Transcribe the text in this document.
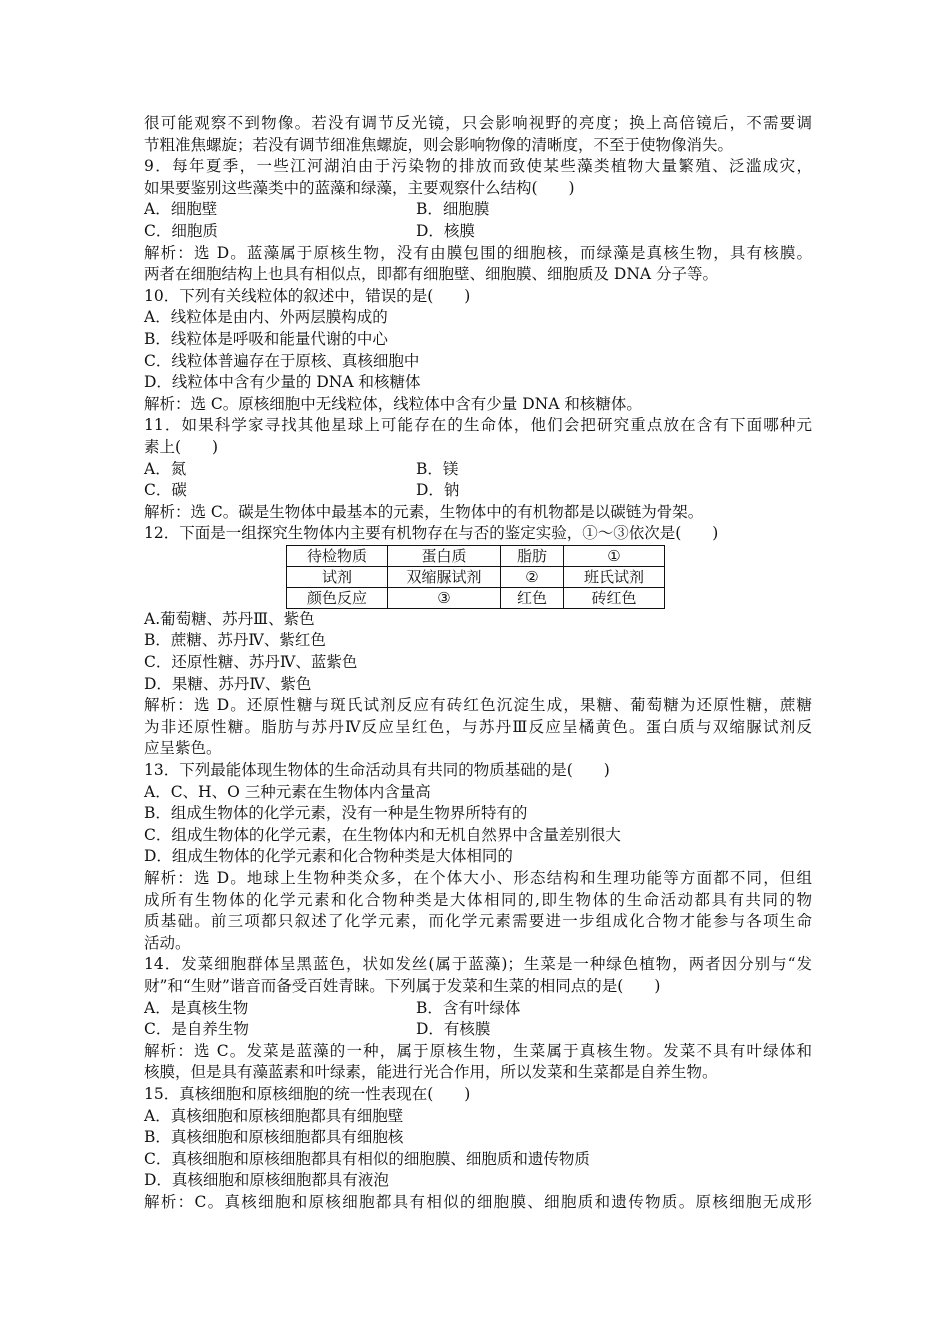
很可能观察不到物像。若没有调节反光镜，只会影响视野的亮度；换上高倍镜后，不需要调
节粗准焦螺旋；若没有调节细准焦螺旋，则会影响物像的清晰度，不至于使物像消失。
9．每年夏季，一些江河湖泊由于污染物的排放而致使某些藻类植物大量繁殖、泛滥成灾，
如果要鉴别这些藻类中的蓝藻和绿藻，主要观察什么结构(　　)
A．细胞壁	B．细胞膜
C．细胞质	D．核膜
解析：选 D。蓝藻属于原核生物，没有由膜包围的细胞核，而绿藻是真核生物，具有核膜。
两者在细胞结构上也具有相似点，即都有细胞壁、细胞膜、细胞质及 DNA 分子等。
10．下列有关线粒体的叙述中，错误的是(　　)
A．线粒体是由内、外两层膜构成的
B．线粒体是呼吸和能量代谢的中心
C．线粒体普遍存在于原核、真核细胞中
D．线粒体中含有少量的 DNA 和核糖体
解析：选 C。原核细胞中无线粒体，线粒体中含有少量 DNA 和核糖体。
11．如果科学家寻找其他星球上可能存在的生命体，他们会把研究重点放在含有下面哪种元
素上(　　)
A．氮	B．镁
C．碳	D．钠
解析：选 C。碳是生物体中最基本的元素，生物体中的有机物都是以碳链为骨架。
12．下面是一组探究生物体内主要有机物存在与否的鉴定实验，①～③依次是(　　)
待检物质	蛋白质	脂肪	①
试剂	双缩脲试剂	②	班氏试剂
颜色反应	③	红色	砖红色
A.葡萄糖、苏丹Ⅲ、紫色
B．蔗糖、苏丹Ⅳ、紫红色
C．还原性糖、苏丹Ⅳ、蓝紫色
D．果糖、苏丹Ⅳ、紫色
解析：选 D。还原性糖与斑氏试剂反应有砖红色沉淀生成，果糖、葡萄糖为还原性糖，蔗糖
为非还原性糖。脂肪与苏丹Ⅳ反应呈红色，与苏丹Ⅲ反应呈橘黄色。蛋白质与双缩脲试剂反
应呈紫色。
13．下列最能体现生物体的生命活动具有共同的物质基础的是(　　)
A．C、H、O 三种元素在生物体内含量高
B．组成生物体的化学元素，没有一种是生物界所特有的
C．组成生物体的化学元素，在生物体内和无机自然界中含量差别很大
D．组成生物体的化学元素和化合物种类是大体相同的
解析：选 D。地球上生物种类众多，在个体大小、形态结构和生理功能等方面都不同，但组
成所有生物体的化学元素和化合物种类是大体相同的,即生物体的生命活动都具有共同的物
质基础。前三项都只叙述了化学元素，而化学元素需要进一步组成化合物才能参与各项生命
活动。
14．发菜细胞群体呈黑蓝色，状如发丝(属于蓝藻)；生菜是一种绿色植物，两者因分别与“发
财”和“生财”谐音而备受百姓青睐。下列属于发菜和生菜的相同点的是(　　)
A．是真核生物	B．含有叶绿体
C．是自养生物	D．有核膜
解析：选 C。发菜是蓝藻的一种，属于原核生物，生菜属于真核生物。发菜不具有叶绿体和
核膜，但是具有藻蓝素和叶绿素，能进行光合作用，所以发菜和生菜都是自养生物。
15．真核细胞和原核细胞的统一性表现在(　　)
A．真核细胞和原核细胞都具有细胞壁
B．真核细胞和原核细胞都具有细胞核
C．真核细胞和原核细胞都具有相似的细胞膜、细胞质和遗传物质
D．真核细胞和原核细胞都具有液泡
解析：C。真核细胞和原核细胞都具有相似的细胞膜、细胞质和遗传物质。原核细胞无成形
